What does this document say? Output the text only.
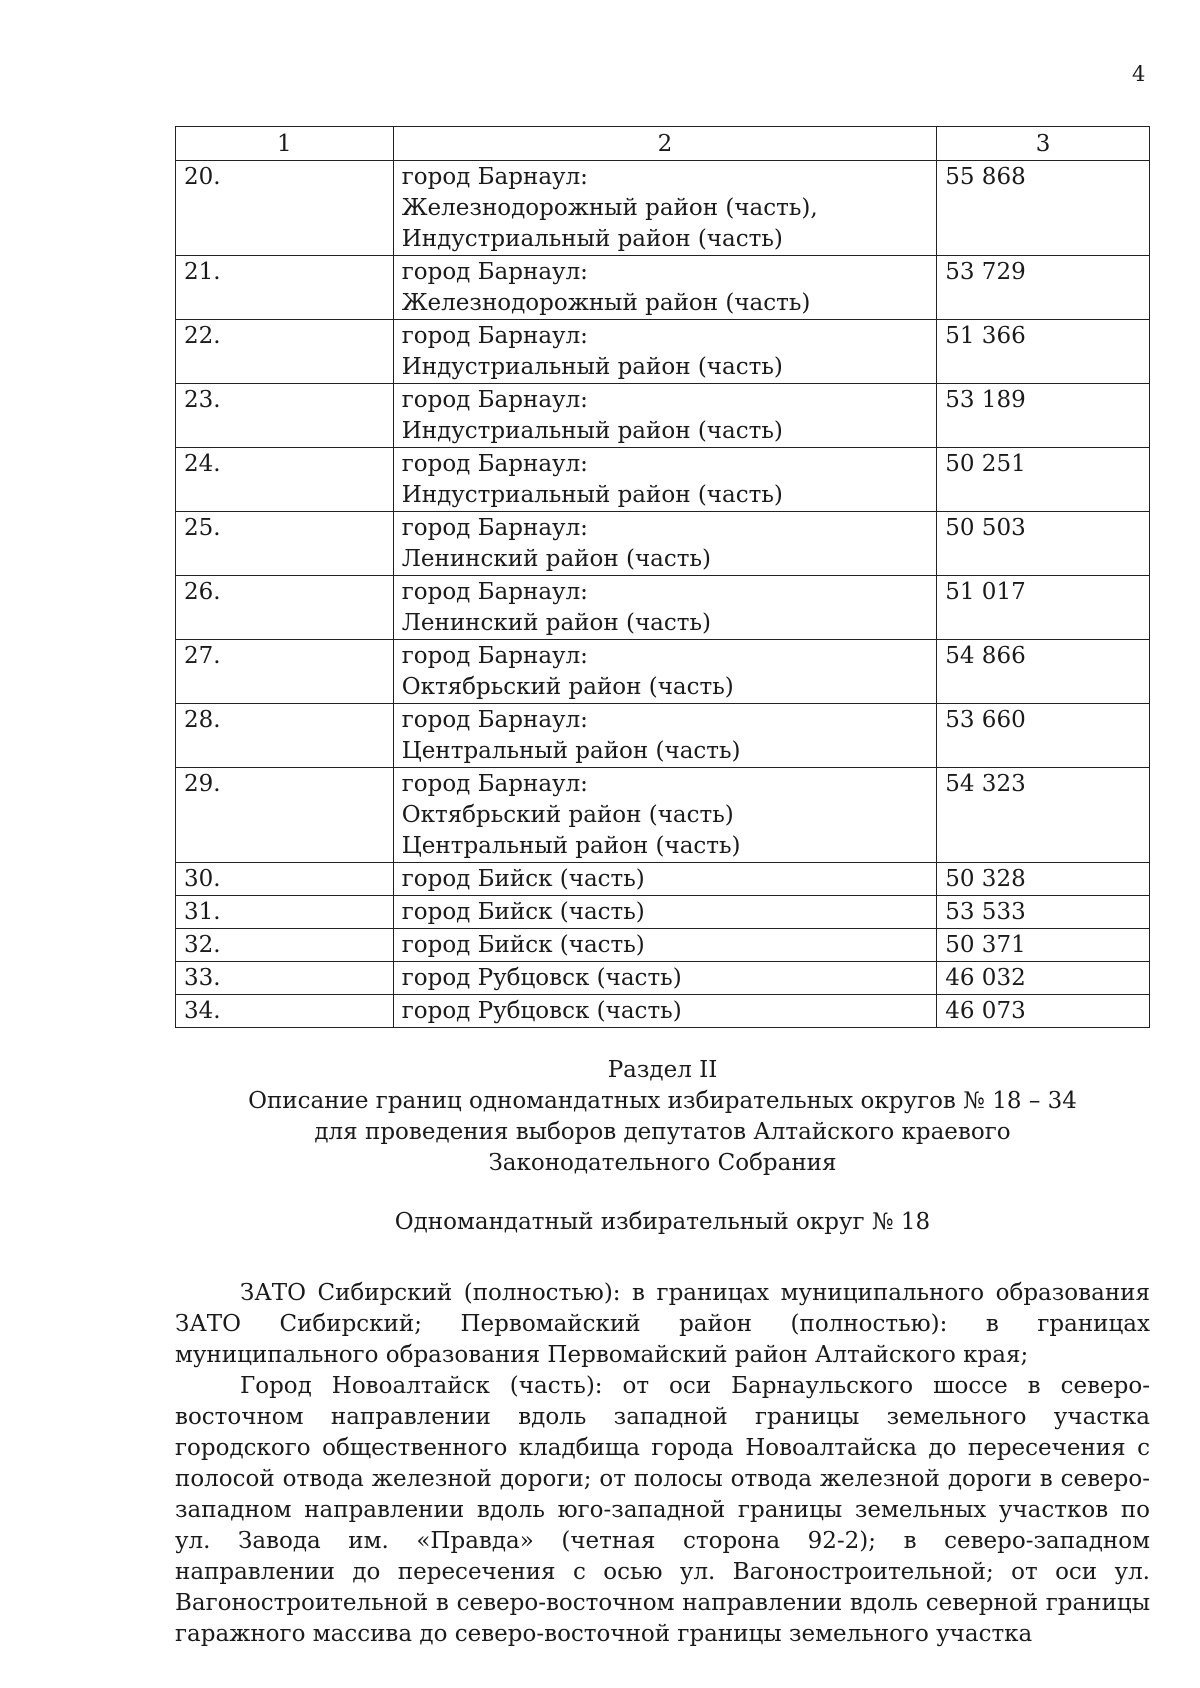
4
1	2	3
20.	город Барнаул:
Железнодорожный район (часть),
Индустриальный район (часть)	55 868
21.	город Барнаул:
Железнодорожный район (часть)	53 729
22.	город Барнаул:
Индустриальный район (часть)	51 366
23.	город Барнаул:
Индустриальный район (часть)	53 189
24.	город Барнаул:
Индустриальный район (часть)	50 251
25.	город Барнаул:
Ленинский район (часть)	50 503
26.	город Барнаул:
Ленинский район (часть)	51 017
27.	город Барнаул:
Октябрьский район (часть)	54 866
28.	город Барнаул:
Центральный район (часть)	53 660
29.	город Барнаул:
Октябрьский район (часть)
Центральный район (часть)	54 323
30.	город Бийск (часть)	50 328
31.	город Бийск (часть)	53 533
32.	город Бийск (часть)	50 371
33.	город Рубцовск (часть)	46 032
34.	город Рубцовск (часть)	46 073
Раздел II
Описание границ одномандатных избирательных округов № 18 – 34
для проведения выборов депутатов Алтайского краевого
Законодательного Собрания
Одномандатный избирательный округ № 18

ЗАТО Сибирский (полностью): в границах муниципального образования ЗАТО Сибирский; Первомайский район (полностью): в границах муниципального образования Первомайский район Алтайского края;

Город Новоалтайск (часть): от оси Барнаульского шоссе в северо-восточном направлении вдоль западной границы земельного участка городского общественного кладбища города Новоалтайска до пересечения с полосой отвода железной дороги; от полосы отвода железной дороги в северо-западном направлении вдоль юго-западной границы земельных участков по ул. Завода им. «Правда» (четная сторона 92-2); в северо-западном направлении до пересечения с осью ул. Вагоностроительной; от оси ул. Вагоностроительной в северо-восточном направлении вдоль северной границы гаражного массива до северо-восточной границы земельного участка
